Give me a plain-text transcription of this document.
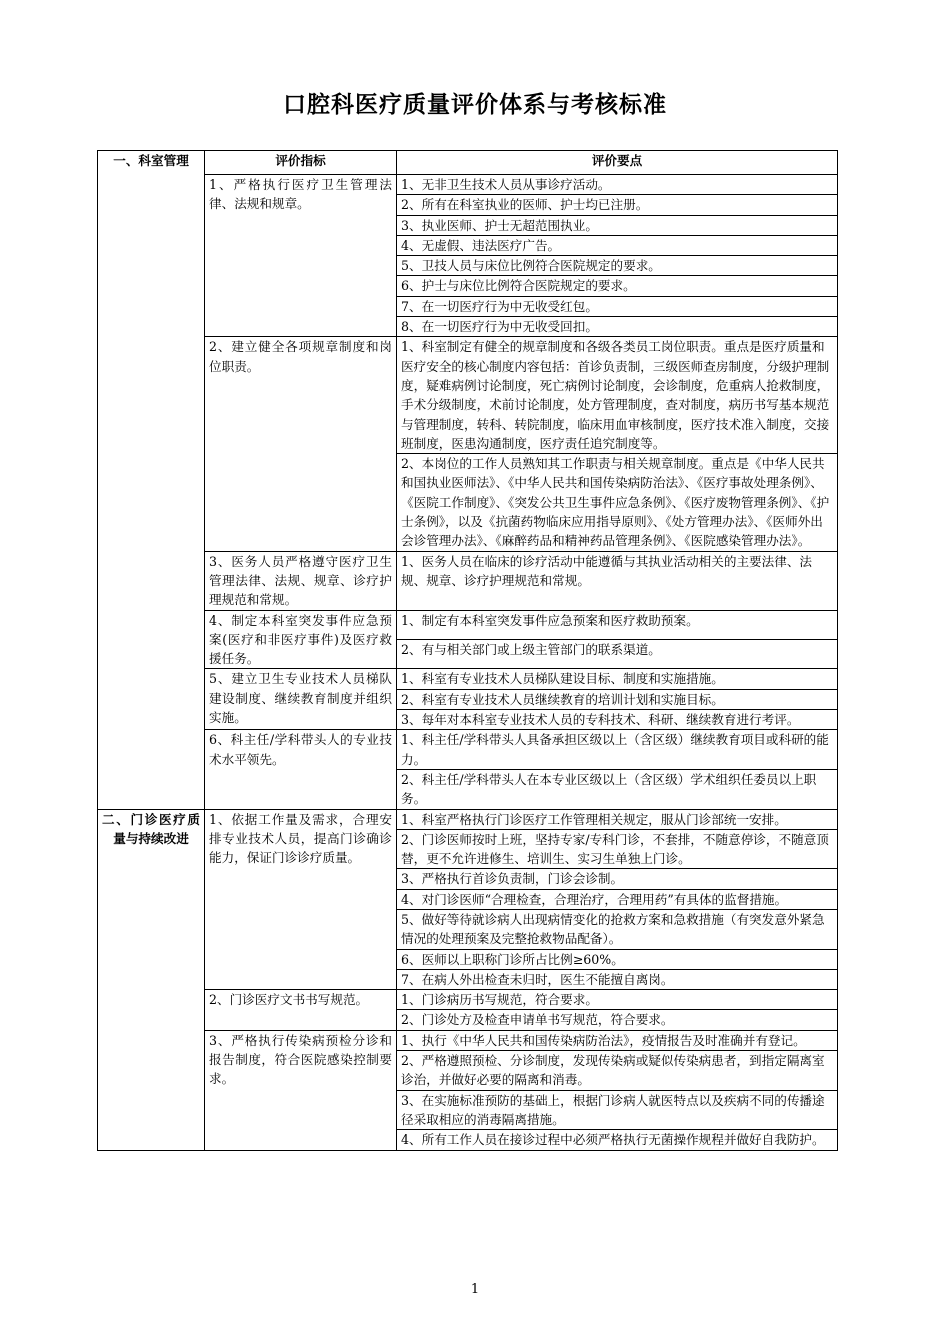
口腔科医疗质量评价体系与考核标准
一、科室管理	评价指标	评价要点
	1、严格执行医疗卫生管理法律、法规和规章。	1、无非卫生技术人员从事诊疗活动。
		2、所有在科室执业的医师、护士均已注册。
		3、执业医师、护士无超范围执业。
		4、无虚假、违法医疗广告。
		5、卫技人员与床位比例符合医院规定的要求。
		6、护士与床位比例符合医院规定的要求。
		7、在一切医疗行为中无收受红包。
		8、在一切医疗行为中无收受回扣。
	2、建立健全各项规章制度和岗位职责。	1、科室制定有健全的规章制度和各级各类员工岗位职责。重点是医疗质量和医疗安全的核心制度内容包括：首诊负责制，三级医师查房制度，分级护理制度，疑难病例讨论制度，死亡病例讨论制度，会诊制度，危重病人抢救制度，手术分级制度，术前讨论制度，处方管理制度，查对制度，病历书写基本规范与管理制度，转科、转院制度，临床用血审核制度，医疗技术准入制度，交接班制度，医患沟通制度，医疗责任追究制度等。
		2、本岗位的工作人员熟知其工作职责与相关规章制度。重点是《中华人民共和国执业医师法》、《中华人民共和国传染病防治法》、《医疗事故处理条例》、《医院工作制度》、《突发公共卫生事件应急条例》、《医疗废物管理条例》、《护士条例》，以及《抗菌药物临床应用指导原则》、《处方管理办法》、《医师外出会诊管理办法》、《麻醉药品和精神药品管理条例》、《医院感染管理办法》。
	3、医务人员严格遵守医疗卫生管理法律、法规、规章、诊疗护理规范和常规。	1、医务人员在临床的诊疗活动中能遵循与其执业活动相关的主要法律、法规、规章、诊疗护理规范和常规。
	4、制定本科室突发事件应急预案(医疗和非医疗事件)及医疗救援任务。	1、制定有本科室突发事件应急预案和医疗救助预案。
		2、有与相关部门或上级主管部门的联系渠道。
	5、建立卫生专业技术人员梯队建设制度、继续教育制度并组织实施。	1、科室有专业技术人员梯队建设目标、制度和实施措施。
		2、科室有专业技术人员继续教育的培训计划和实施目标。
		3、每年对本科室专业技术人员的专科技术、科研、继续教育进行考评。
	6、科主任/学科带头人的专业技术水平领先。	1、科主任/学科带头人具备承担区级以上（含区级）继续教育项目或科研的能力。
		2、科主任/学科带头人在本专业区级以上（含区级）学术组织任委员以上职务。
二、门诊医疗质量与持续改进	1、依据工作量及需求，合理安排专业技术人员，提高门诊确诊能力，保证门诊诊疗质量。	1、科室严格执行门诊医疗工作管理相关规定，服从门诊部统一安排。
		2、门诊医师按时上班，坚持专家/专科门诊，不套排，不随意停诊，不随意顶替，更不允许进修生、培训生、实习生单独上门诊。
		3、严格执行首诊负责制，门诊会诊制。
		4、对门诊医师“合理检查，合理治疗，合理用药”有具体的监督措施。
		5、做好等待就诊病人出现病情变化的抢救方案和急救措施（有突发意外紧急情况的处理预案及完整抢救物品配备）。
		6、医师以上职称门诊所占比例≥60%。
		7、在病人外出检查未归时，医生不能擅自离岗。
	2、门诊医疗文书书写规范。	1、门诊病历书写规范，符合要求。
		2、门诊处方及检查申请单书写规范，符合要求。
	3、严格执行传染病预检分诊和报告制度，符合医院感染控制要求。	1、执行《中华人民共和国传染病防治法》，疫情报告及时准确并有登记。
		2、严格遵照预检、分诊制度，发现传染病或疑似传染病患者，到指定隔离室诊治，并做好必要的隔离和消毒。
		3、在实施标准预防的基础上，根据门诊病人就医特点以及疾病不同的传播途径采取相应的消毒隔离措施。
		4、所有工作人员在接诊过程中必须严格执行无菌操作规程并做好自我防护。
1
